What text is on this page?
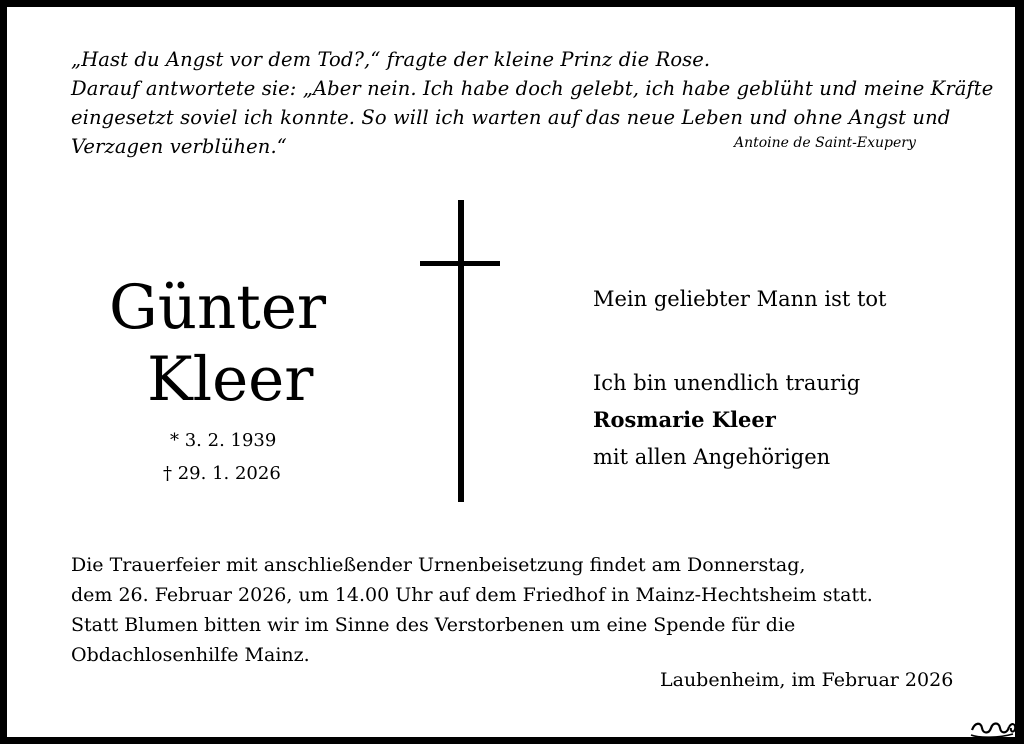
„Hast du Angst vor dem Tod?,“ fragte der kleine Prinz die Rose.
Darauf antwortete sie: „Aber nein. Ich habe doch gelebt, ich habe geblüht und meine Kräfte
eingesetzt soviel ich konnte. So will ich warten auf das neue Leben und ohne Angst und
Verzagen verblühen.“	Antoine de Saint-Exupery
Günter
Kleer
* 3. 2. 1939
† 29. 1. 2026
Mein geliebter Mann ist tot
Ich bin unendlich traurig
Rosmarie Kleer
mit allen Angehörigen
Die Trauerfeier mit anschließender Urnenbeisetzung findet am Donnerstag,
dem 26. Februar 2026, um 14.00 Uhr auf dem Friedhof in Mainz-Hechtsheim statt.
Statt Blumen bitten wir im Sinne des Verstorbenen um eine Spende für die
Obdachlosenhilfe Mainz.
Laubenheim, im Februar 2026
